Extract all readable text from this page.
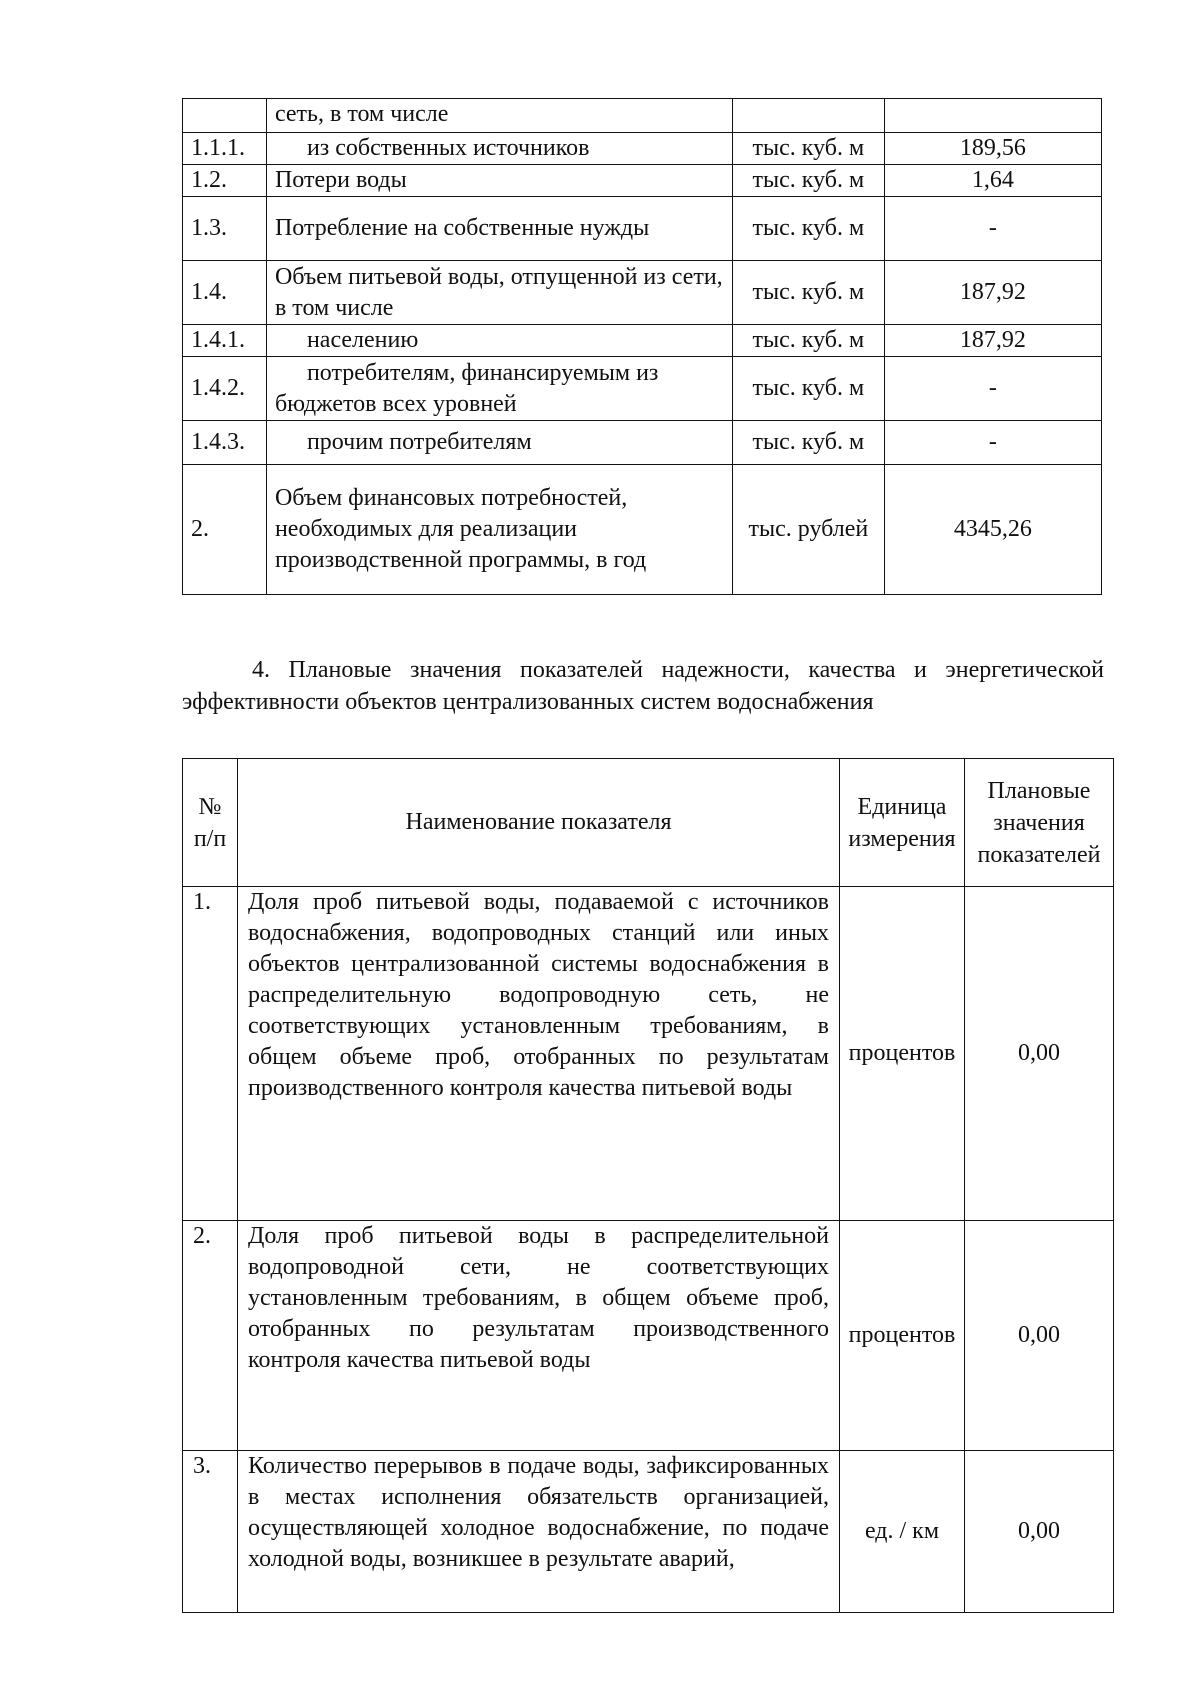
	сеть, в том числе		
1.1.1.	из собственных источников	тыс. куб. м	189,56
1.2.	Потери воды	тыс. куб. м	1,64
1.3.	Потребление на собственные нужды	тыс. куб. м	-
1.4.	Объем питьевой воды, отпущенной из сети, в том числе	тыс. куб. м	187,92
1.4.1.	населению	тыс. куб. м	187,92
1.4.2.	потребителям, финансируемым из бюджетов всех уровней	тыс. куб. м	-
1.4.3.	прочим потребителям	тыс. куб. м	-
2.	Объем финансовых потребностей, необходимых для реализации производственной программы, в год	тыс. рублей	4345,26

4. Плановые значения показателей надежности, качества и энергетической эффективности объектов централизованных систем водоснабжения

№ п/п	Наименование показателя	Единица измерения	Плановые значения показателей
1.	Доля проб питьевой воды, подаваемой с источников водоснабжения, водопроводных станций или иных объектов централизованной системы водоснабжения в распределительную водопроводную сеть, не соответствующих установленным требованиям, в общем объеме проб, отобранных по результатам производственного контроля качества питьевой воды	процентов	0,00
2.	Доля проб питьевой воды в распределительной водопроводной сети, не соответствующих установленным требованиям, в общем объеме проб, отобранных по результатам производственного контроля качества питьевой воды	процентов	0,00
3.	Количество перерывов в подаче воды, зафиксированных в местах исполнения обязательств организацией, осуществляющей холодное водоснабжение, по подаче холодной воды, возникшее в результате аварий,	ед. / км	0,00
